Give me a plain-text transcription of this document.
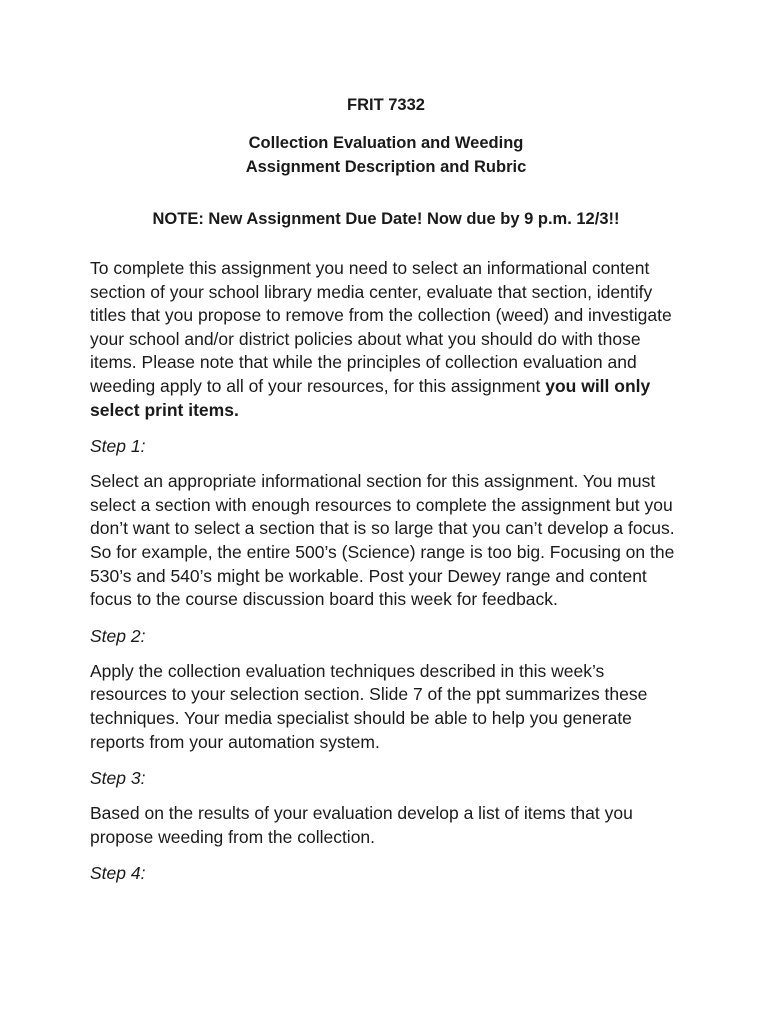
FRIT 7332

Collection Evaluation and Weeding

Assignment Description and Rubric

NOTE: New Assignment Due Date! Now due by 9 p.m. 12/3!!

To complete this assignment you need to select an informational content section of your school library media center, evaluate that section, identify titles that you propose to remove from the collection (weed) and investigate your school and/or district policies about what you should do with those items. Please note that while the principles of collection evaluation and weeding apply to all of your resources, for this assignment you will only select print items.

Step 1:

Select an appropriate informational section for this assignment. You must select a section with enough resources to complete the assignment but you don’t want to select a section that is so large that you can’t develop a focus. So for example, the entire 500’s (Science) range is too big. Focusing on the 530’s and 540’s might be workable. Post your Dewey range and content focus to the course discussion board this week for feedback.

Step 2:

Apply the collection evaluation techniques described in this week’s resources to your selection section. Slide 7 of the ppt summarizes these techniques. Your media specialist should be able to help you generate reports from your automation system.

Step 3:

Based on the results of your evaluation develop a list of items that you propose weeding from the collection.

Step 4:
